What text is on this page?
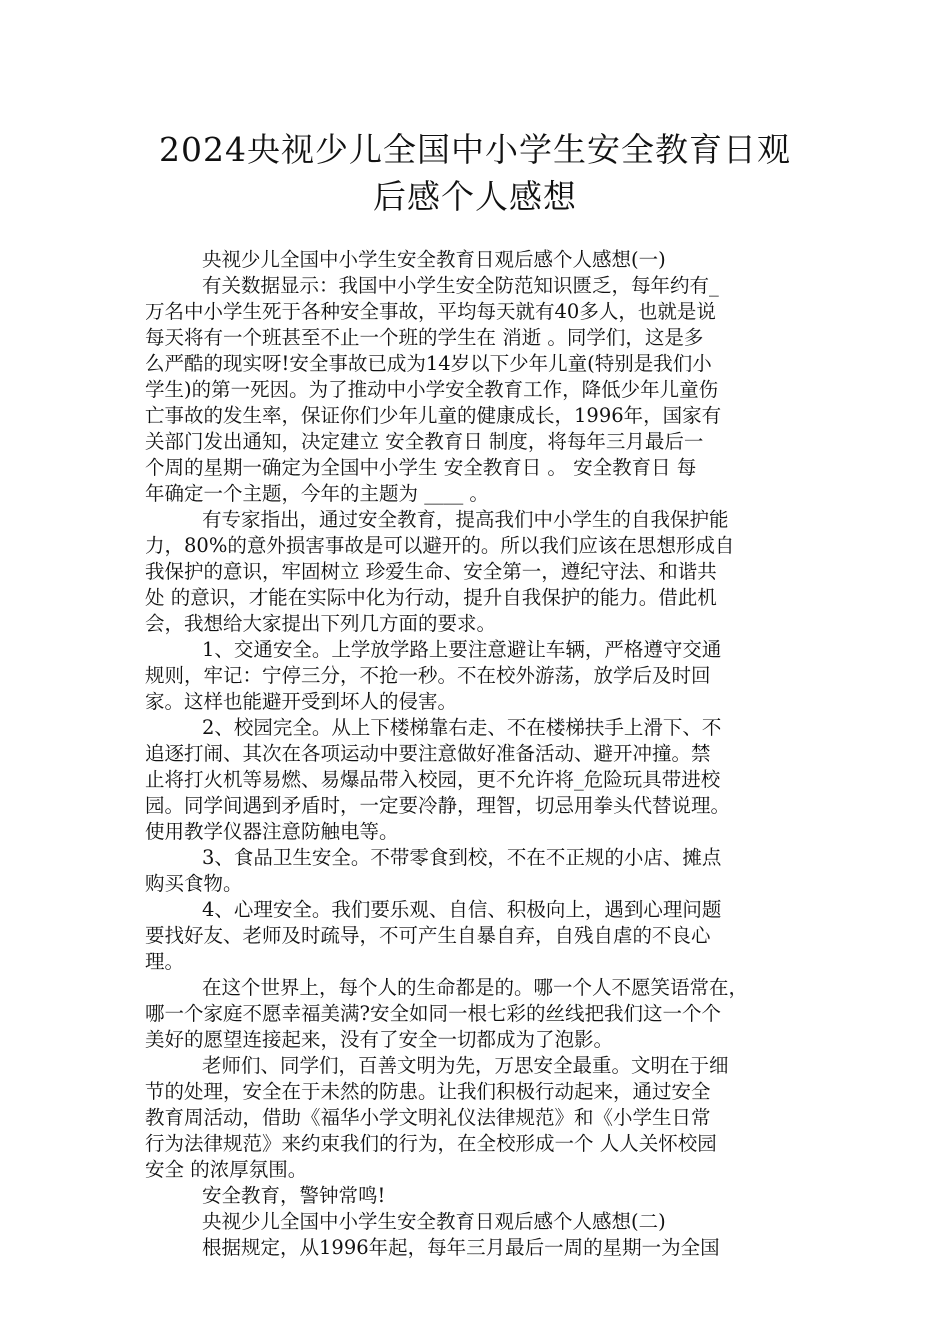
2024央视少儿全国中小学生安全教育日观
后感个人感想
央视少儿全国中小学生安全教育日观后感个人感想(一)
有关数据显示：我国中小学生安全防范知识匮乏，每年约有_
万名中小学生死于各种安全事故，平均每天就有40多人，也就是说
每天将有一个班甚至不止一个班的学生在 消逝 。同学们，这是多
么严酷的现实呀!安全事故已成为14岁以下少年儿童(特别是我们小
学生)的第一死因。为了推动中小学安全教育工作，降低少年儿童伤
亡事故的发生率，保证你们少年儿童的健康成长，1996年，国家有
关部门发出通知，决定建立 安全教育日 制度，将每年三月最后一
个周的星期一确定为全国中小学生 安全教育日 。 安全教育日 每
年确定一个主题，今年的主题为 ____ 。
有专家指出，通过安全教育，提高我们中小学生的自我保护能
力，80%的意外损害事故是可以避开的。所以我们应该在思想形成自
我保护的意识，牢固树立 珍爱生命、安全第一，遵纪守法、和谐共
处 的意识，才能在实际中化为行动，提升自我保护的能力。借此机
会，我想给大家提出下列几方面的要求。
1、交通安全。上学放学路上要注意避让车辆，严格遵守交通
规则，牢记：宁停三分，不抢一秒。不在校外游荡，放学后及时回
家。这样也能避开受到坏人的侵害。
2、校园完全。从上下楼梯靠右走、不在楼梯扶手上滑下、不
追逐打闹、其次在各项运动中要注意做好准备活动、避开冲撞。禁
止将打火机等易燃、易爆品带入校园，更不允许将_危险玩具带进校
园。同学间遇到矛盾时，一定要冷静，理智，切忌用拳头代替说理。
使用教学仪器注意防触电等。
3、食品卫生安全。不带零食到校，不在不正规的小店、摊点
购买食物。
4、心理安全。我们要乐观、自信、积极向上，遇到心理问题
要找好友、老师及时疏导，不可产生自暴自弃，自残自虐的不良心
理。
在这个世界上，每个人的生命都是的。哪一个人不愿笑语常在，
哪一个家庭不愿幸福美满?安全如同一根七彩的丝线把我们这一个个
美好的愿望连接起来，没有了安全一切都成为了泡影。
老师们、同学们，百善文明为先，万思安全最重。文明在于细
节的处理，安全在于未然的防患。让我们积极行动起来，通过安全
教育周活动，借助《福华小学文明礼仪法律规范》和《小学生日常
行为法律规范》来约束我们的行为，在全校形成一个 人人关怀校园
安全 的浓厚氛围。
安全教育，警钟常鸣!
央视少儿全国中小学生安全教育日观后感个人感想(二)
根据规定，从1996年起，每年三月最后一周的星期一为全国
